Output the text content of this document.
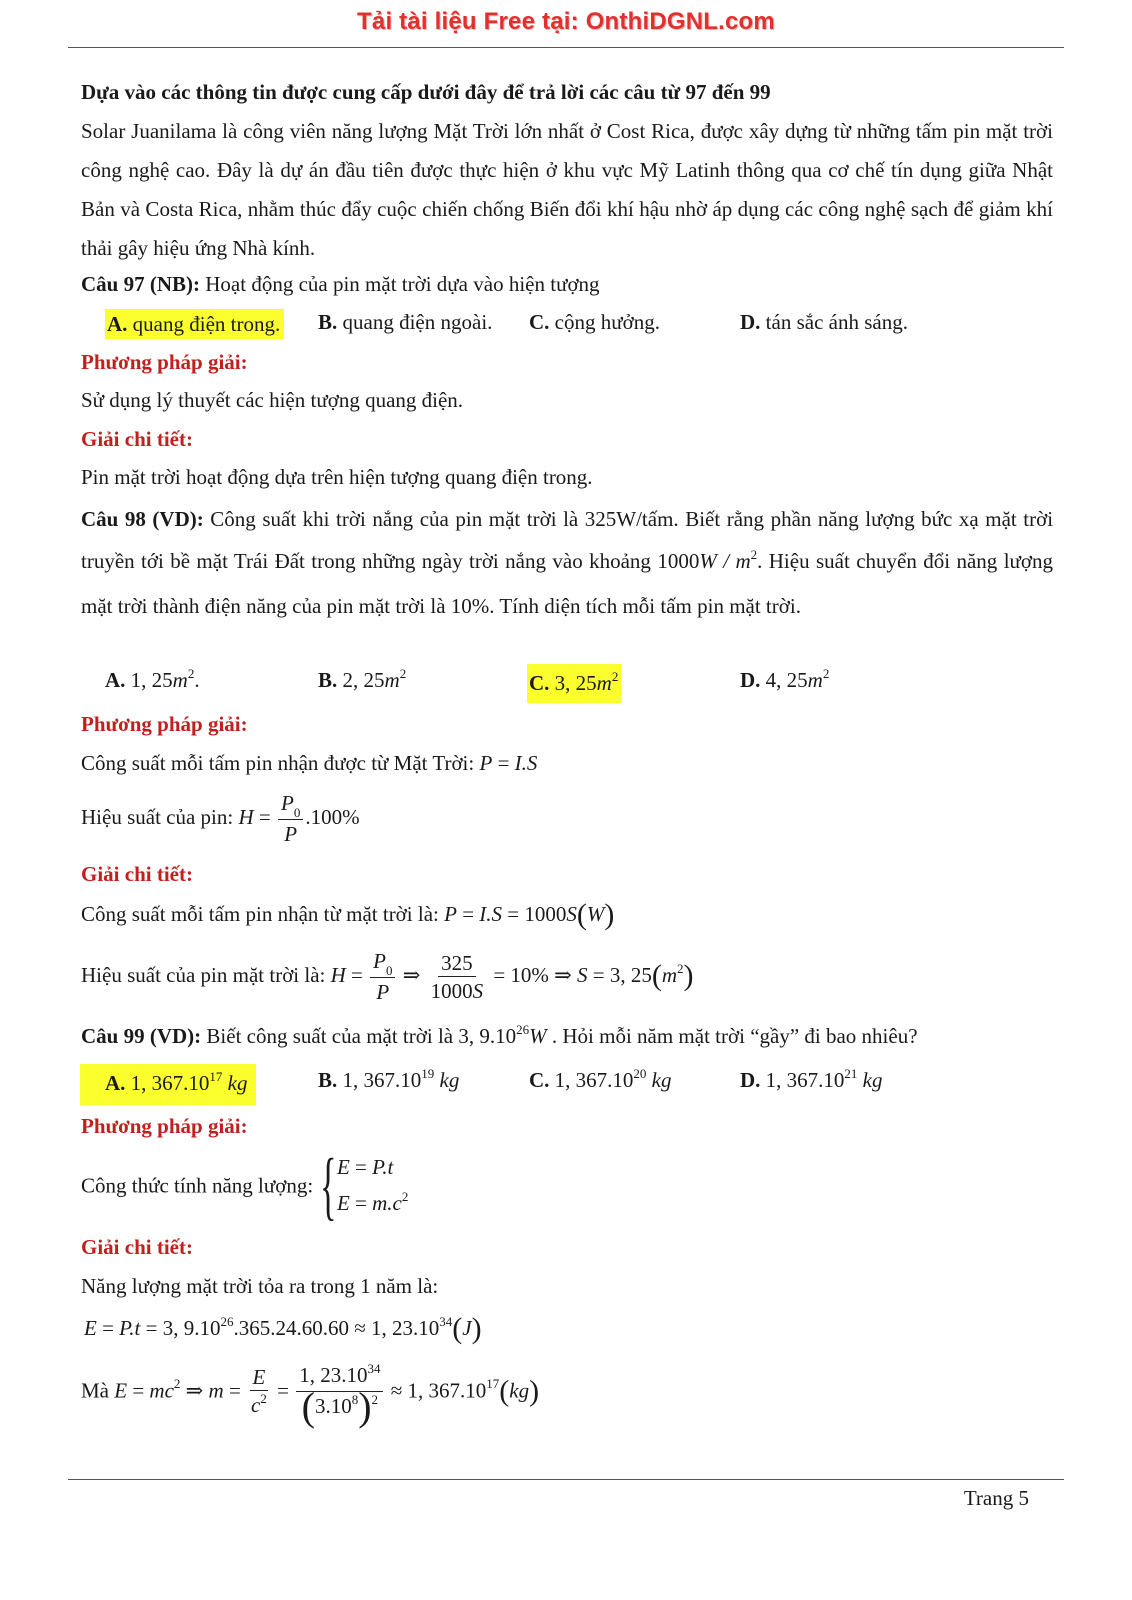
Tải tài liệu Free tại: OnthiDGNL.com
Dựa vào các thông tin được cung cấp dưới đây để trả lời các câu từ 97 đến 99
Solar Juanilama là công viên năng lượng Mặt Trời lớn nhất ở Cost Rica, được xây dựng từ những tấm pin mặt trời công nghệ cao. Đây là dự án đầu tiên được thực hiện ở khu vực Mỹ Latinh thông qua cơ chế tín dụng giữa Nhật Bản và Costa Rica, nhằm thúc đẩy cuộc chiến chống Biến đổi khí hậu nhờ áp dụng các công nghệ sạch để giảm khí thải gây hiệu ứng Nhà kính.
Câu 97 (NB): Hoạt động của pin mặt trời dựa vào hiện tượng
A. quang điện trong. B. quang điện ngoài. C. cộng hưởng.	D. tán sắc ánh sáng.
Phương pháp giải:
Sử dụng lý thuyết các hiện tượng quang điện.
Giải chi tiết:
Pin mặt trời hoạt động dựa trên hiện tượng quang điện trong.
Câu 98 (VD): Công suất khi trời nắng của pin mặt trời là 325W/tấm. Biết rằng phần năng lượng bức xạ mặt trời truyền tới bề mặt Trái Đất trong những ngày trời nắng vào khoảng $1000W / m^2$. Hiệu suất chuyển đổi năng lượng mặt trời thành điện năng của pin mặt trời là 10%. Tính diện tích mỗi tấm pin mặt trời.
A. 1, $25m^2$.	B. 2, $25m^2$	C. 3, $25m^2$	D. 4, $25m^2$
Phương pháp giải:
Công suất mỗi tấm pin nhận được từ Mặt Trời: P = I.S
Hiệu suất của pin: $H = \frac{P_0}{P} .100\%$
Giải chi tiết:
Công suất mỗi tấm pin nhận từ mặt trời là: P = I.S = 1000S(W)
Hiệu suất của pin mặt trời là: $H = \frac{P_0}{P}$ ⇒ $\frac{325}{1000S} = 10\%$ ⇒ S = 3, $25(m^2)$
Câu 99 (VD): Biết công suất của mặt trời là 3, 9.10$^{26}$W . Hỏi mỗi năm mặt trời “gầy” đi bao nhiêu?
A. 1, 367.10$^{17}$ kg	B. 1, 367.10$^{19}$ kg	C. 1, 367.10$^{20}$ kg	D. 1, 367.10$^{21}$ kg
Phương pháp giải:
Công thức tính năng lượng: { E = P.t
$E = m.c^2$
Giải chi tiết:
Năng lượng mặt trời tỏa ra trong 1 năm là:
E = P.t = 3, $9.10^{26}.365.24.60.60 \approx 1$, 23.10$^{34}$(J)
Mà $E = mc^2$ ⇒ $m = \frac{E}{c^2} = \frac{1, 23.10^{34}}{(3.10^8)^2} \approx 1$, 367.10$^{17}$(kg)
Trang 5
